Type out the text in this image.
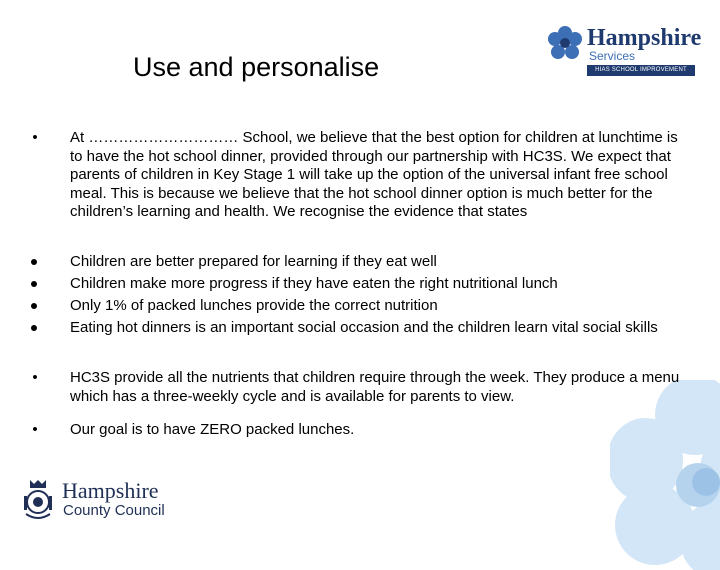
Use and personalise
Hampshire
Services
HIAS SCHOOL IMPROVEMENT
• At ………………………… School, we believe that the best option for children at lunchtime is to have the hot school dinner, provided through our partnership with HC3S. We expect that parents of children in Key Stage 1 will take up the option of the universal infant free school meal. This is because we believe that the hot school dinner option is much better for the children’s learning and health. We recognise the evidence that states
Children are better prepared for learning if they eat well
Children make more progress if they have eaten the right nutritional lunch
Only 1% of packed lunches provide the correct nutrition
Eating hot dinners is an important social occasion and the children learn vital social skills
• HC3S provide all the nutrients that children require through the week. They produce a menu which has a three-weekly cycle and is available for parents to view.
• Our goal is to have ZERO packed lunches.
Hampshire
County Council
